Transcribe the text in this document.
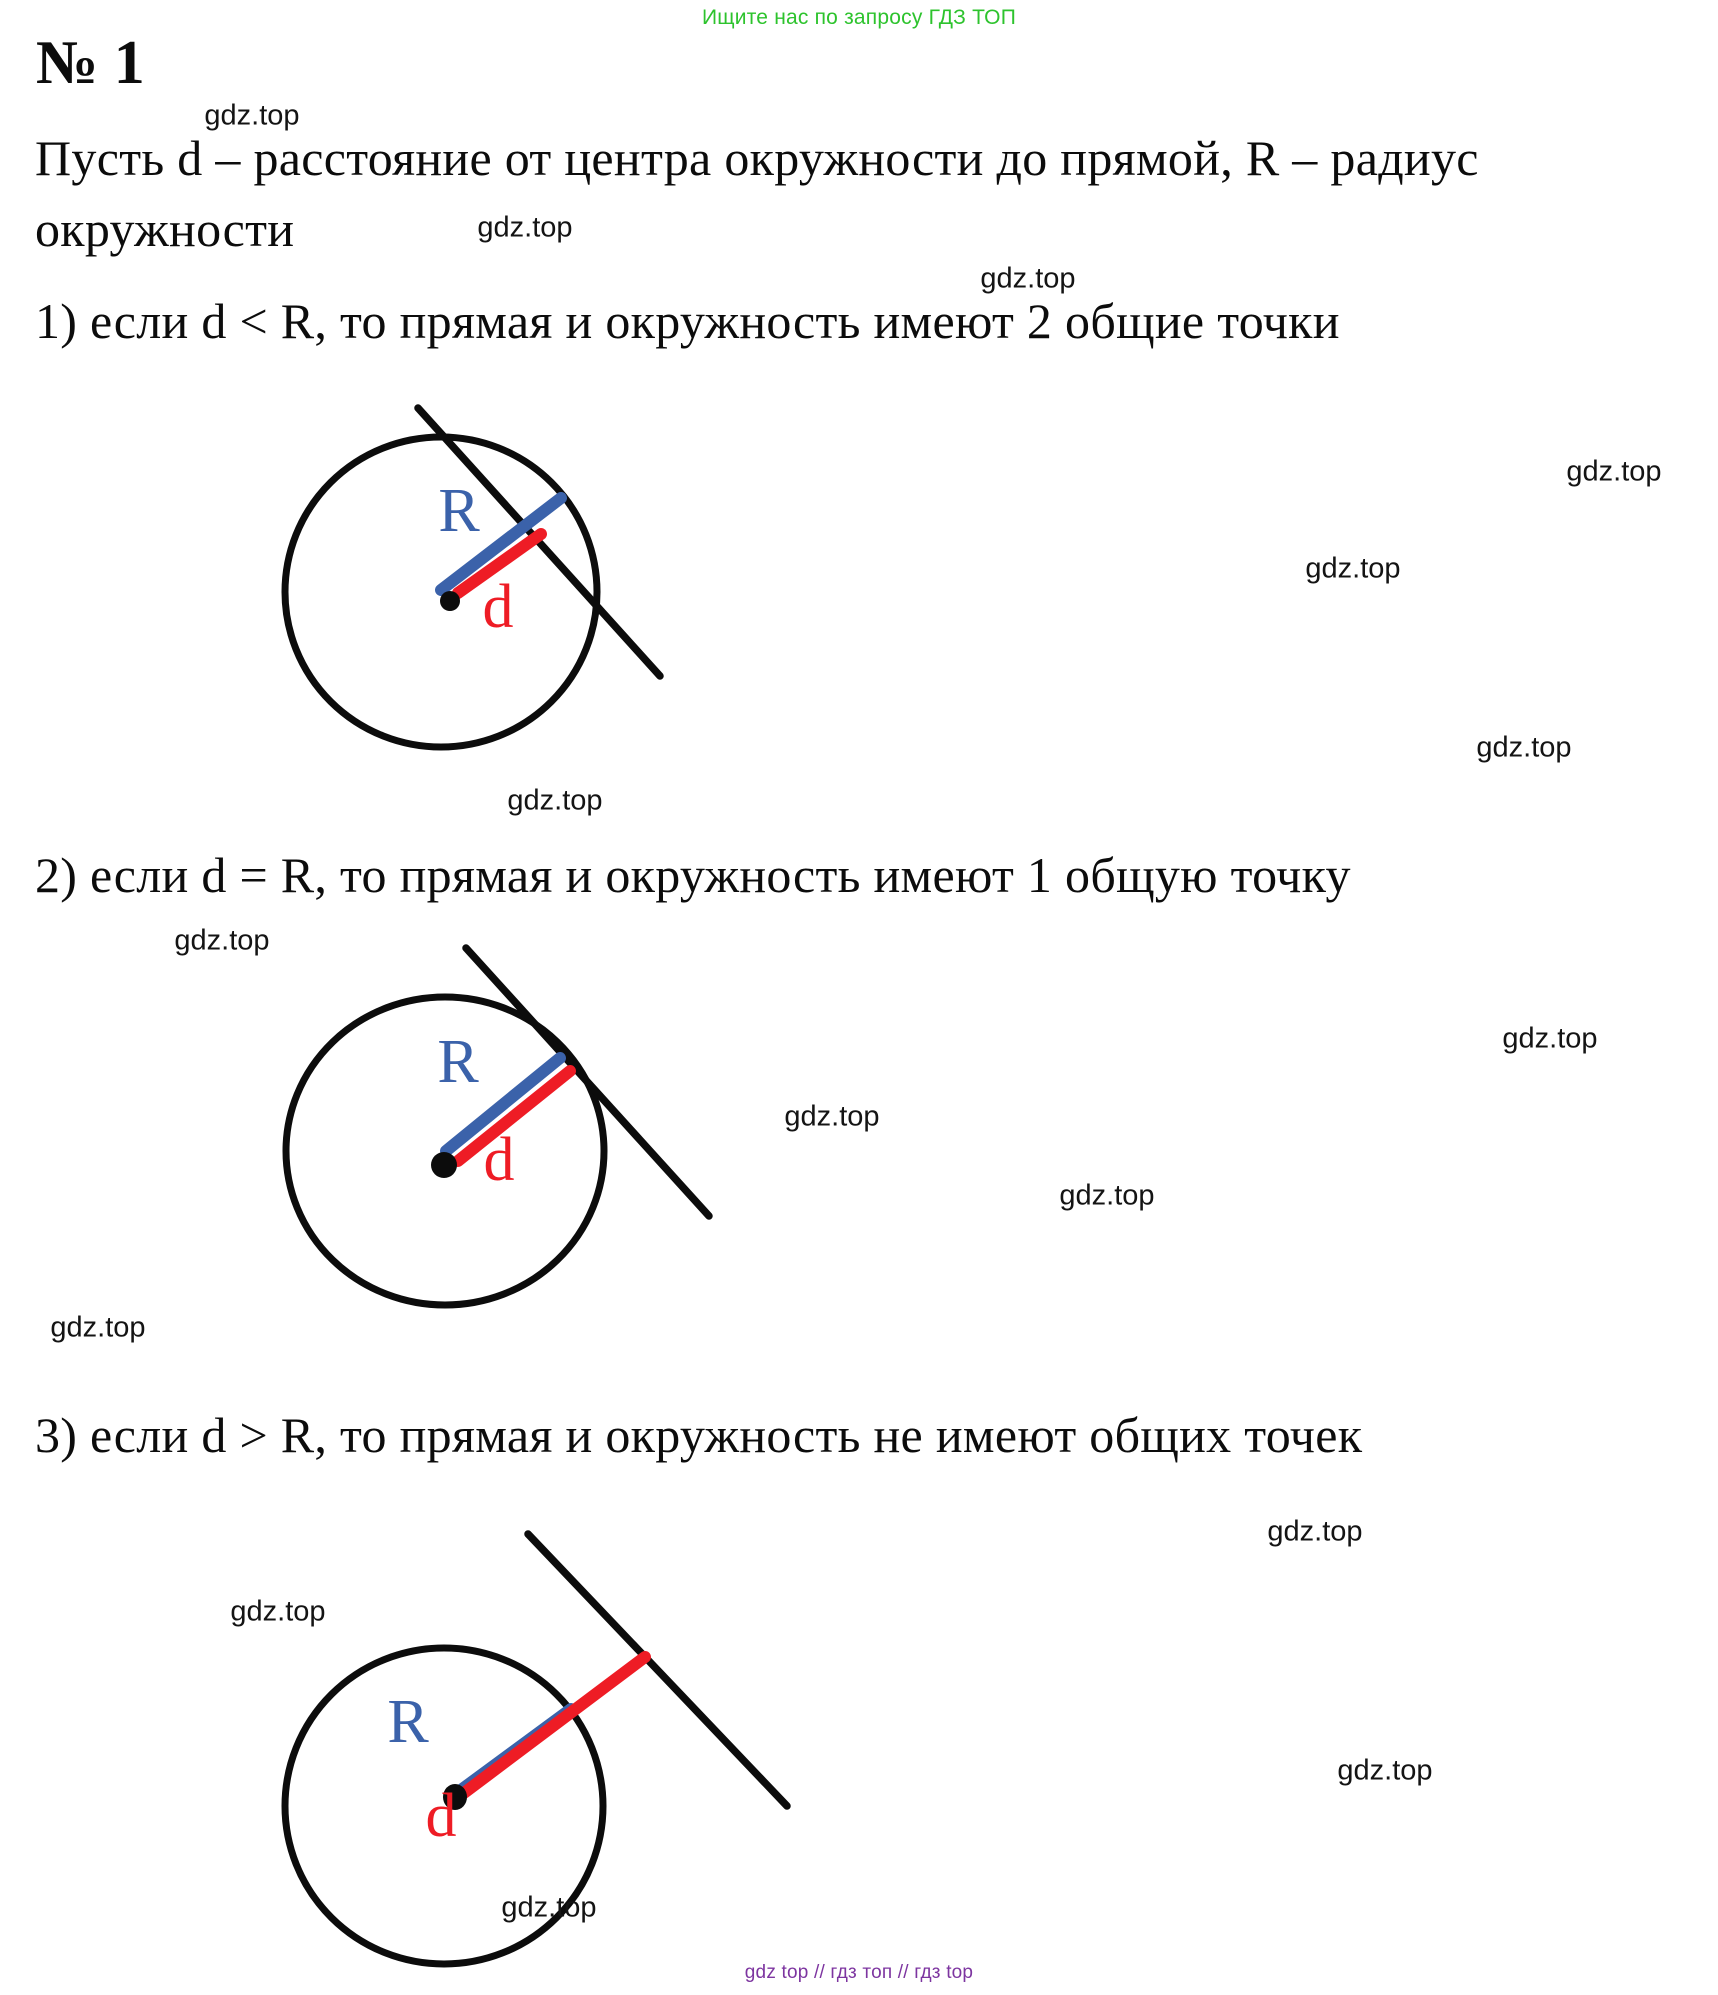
Ищите нас по запросу ГДЗ ТОП
№ 1
Пусть d – расстояние от центра окружности до прямой, R – радиус
окружности
1) если d < R, то прямая и окружность имеют 2 общие точки
2) если d = R, то прямая и окружность имеют 1 общую точку
3) если d > R, то прямая и окружность не имеют общих точек
gdz.top
gdz.top
gdz.top
gdz.top
gdz.top
gdz.top
gdz.top
gdz.top
gdz.top
gdz.top
gdz.top
gdz.top
gdz.top
gdz.top
gdz.top
gdz.top
R
d
R
d
R
d
gdz top // гдз топ // гдз top
